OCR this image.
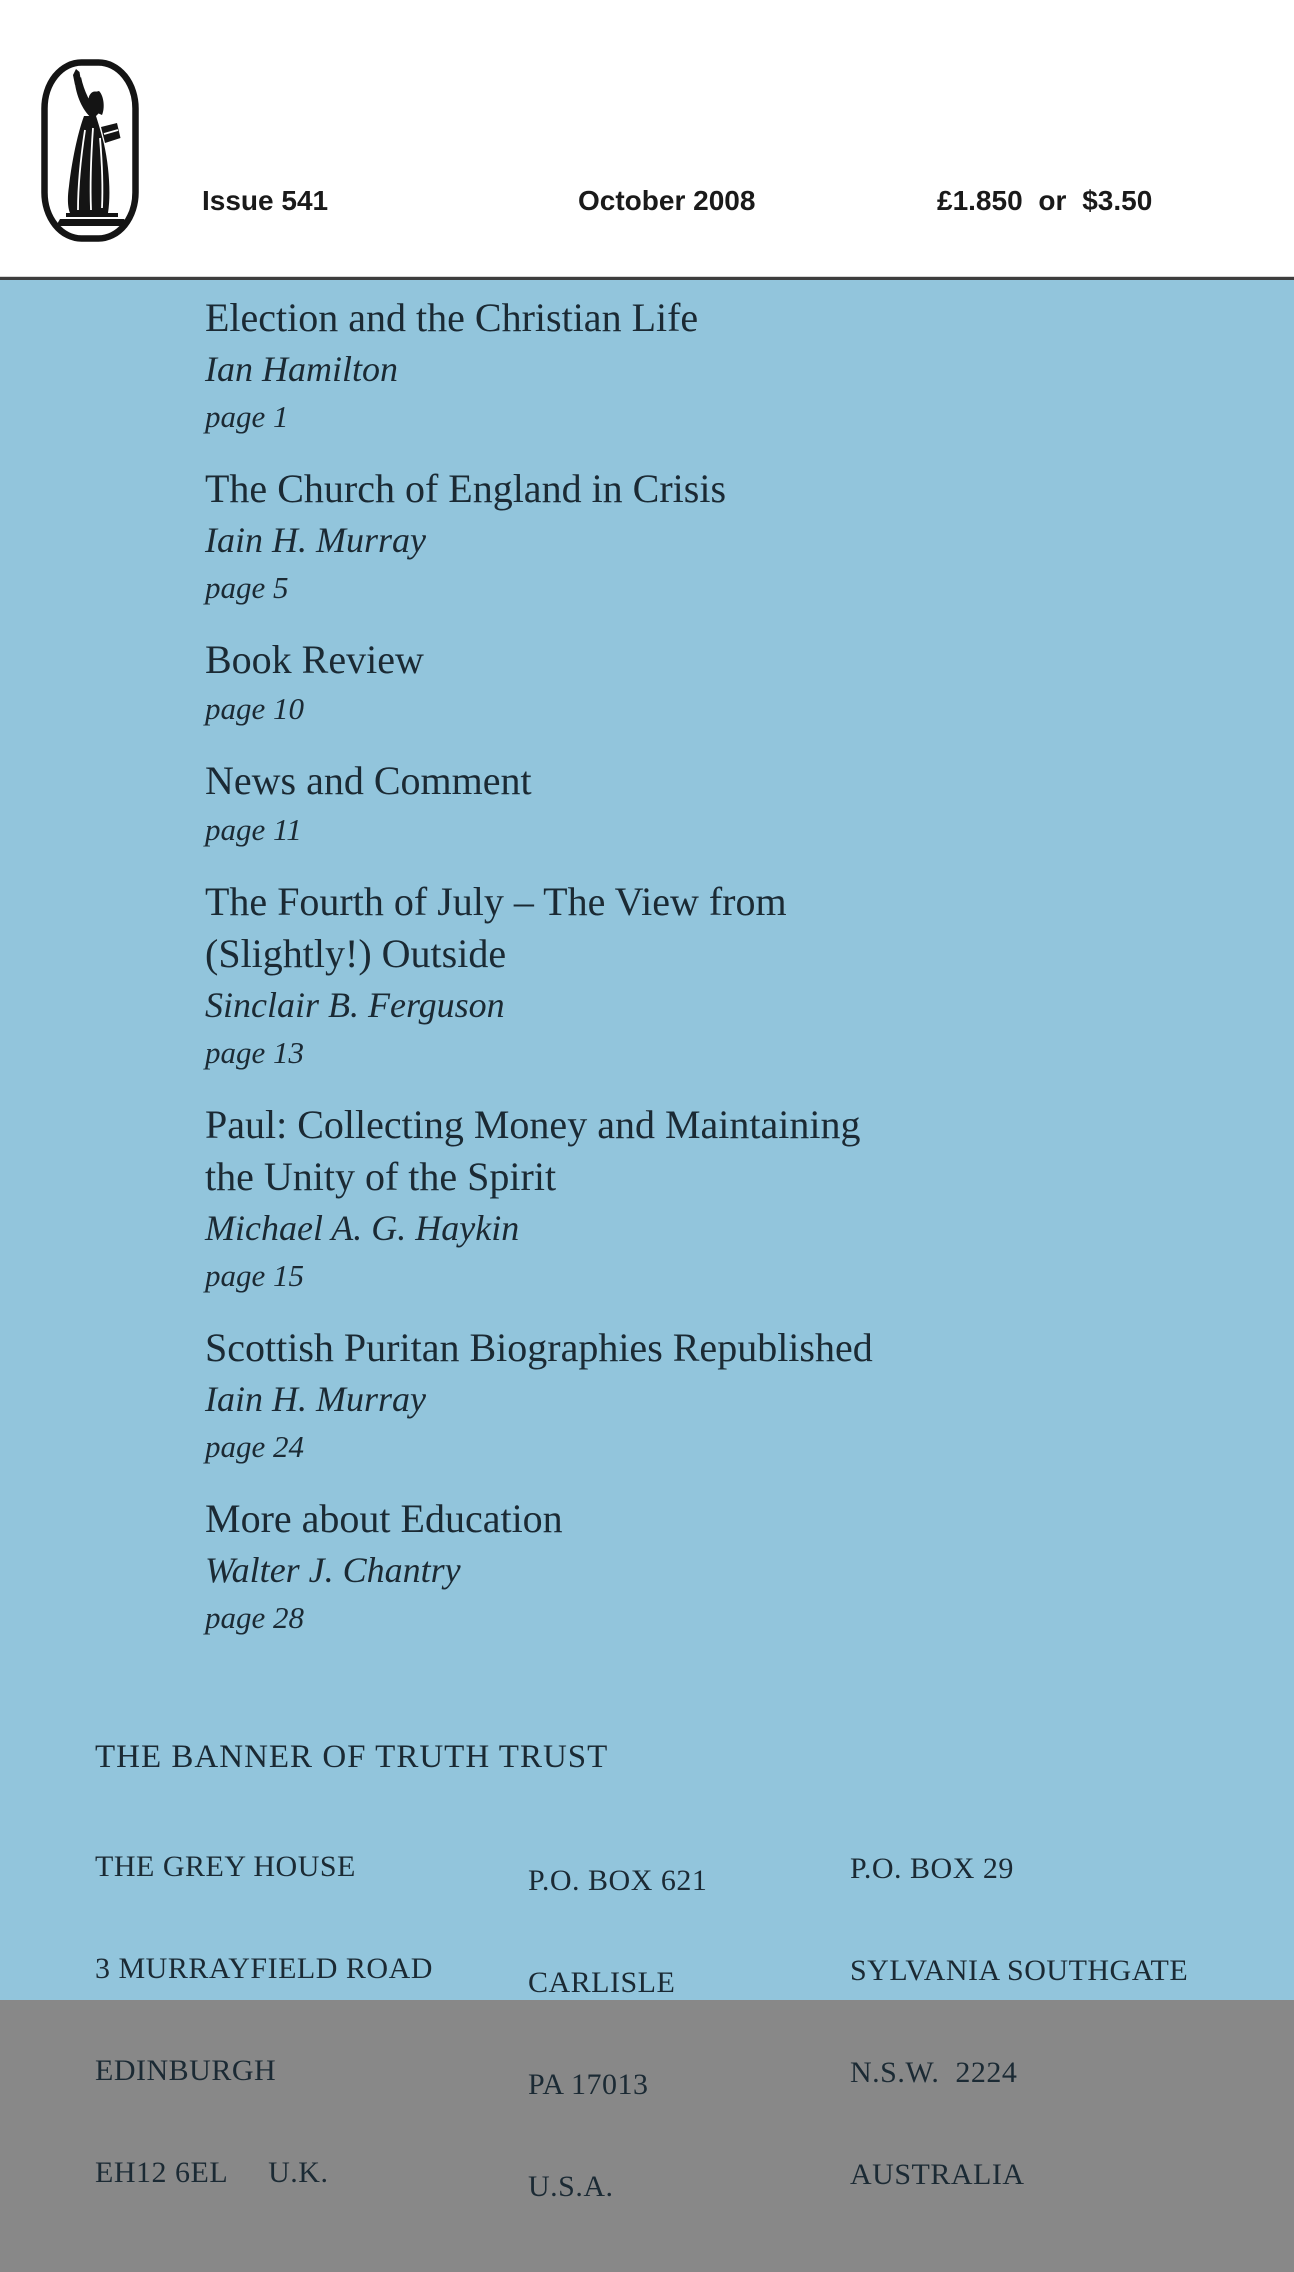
Issue 541	October 2008	£1.850 or $3.50
Election and the Christian Life
Ian Hamilton
page 1
The Church of England in Crisis
Iain H. Murray
page 5
Book Review
page 10
News and Comment
page 11
The Fourth of July – The View from
(Slightly!) Outside
Sinclair B. Ferguson
page 13
Paul: Collecting Money and Maintaining
the Unity of the Spirit
Michael A. G. Haykin
page 15
Scottish Puritan Biographies Republished
Iain H. Murray
page 24
More about Education
Walter J. Chantry
page 28
THE BANNER OF TRUTH TRUST

THE GREY HOUSE

3 MURRAYFIELD ROAD

EDINBURGH

EH12 6EL     U.K.

P.O. BOX 621

CARLISLE

PA 17013

U.S.A.

P.O. BOX 29

SYLVANIA SOUTHGATE

N.S.W.  2224

AUSTRALIA
